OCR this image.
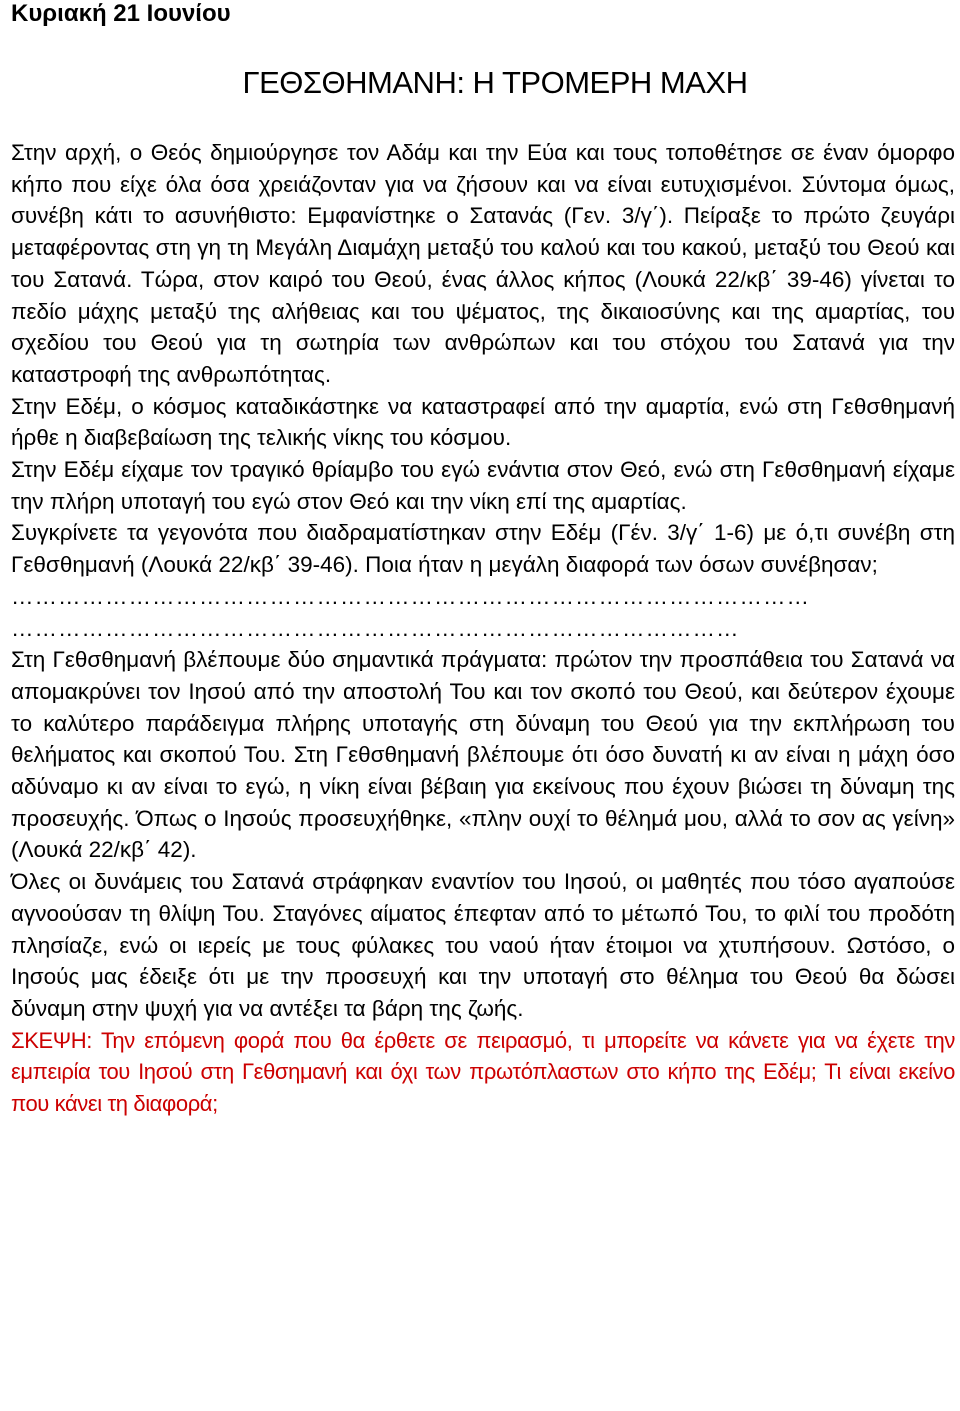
Κυριακή 21 Ιουνίου
ΓΕΘΣΘΗΜΑΝΗ: Η ΤΡΟΜΕΡΗ ΜΑΧΗ

Στην αρχή, ο Θεός δημιούργησε τον Αδάμ και την Εύα και τους τοποθέτησε σε έναν όμορφο κήπο που είχε όλα όσα χρειάζονταν για να ζήσουν και να είναι ευτυχισμένοι. Σύντομα όμως, συνέβη κάτι το ασυνήθιστο: Εμφανίστηκε ο Σατανάς (Γεν. 3/γ΄). Πείραξε το πρώτο ζευγάρι μεταφέροντας στη γη τη Μεγάλη Διαμάχη μεταξύ του καλού και του κακού, μεταξύ του Θεού και του Σατανά. Τώρα, στον καιρό του Θεού, ένας άλλος κήπος (Λουκά 22/κβ΄ 39-46) γίνεται το πεδίο μάχης μεταξύ της αλήθειας και του ψέματος, της δικαιοσύνης και της αμαρτίας, του σχεδίου του Θεού για τη σωτηρία των ανθρώπων και του στόχου του Σατανά για την καταστροφή της ανθρωπότητας.

Στην Εδέμ, ο κόσμος καταδικάστηκε να καταστραφεί από την αμαρτία, ενώ στη Γεθσθημανή ήρθε η διαβεβαίωση της τελικής νίκης του κόσμου.

Στην Εδέμ είχαμε τον τραγικό θρίαμβο του εγώ ενάντια στον Θεό, ενώ στη Γεθσθημανή είχαμε την πλήρη υποταγή του εγώ στον Θεό και την νίκη επί της αμαρτίας.

Συγκρίνετε τα γεγονότα που διαδραματίστηκαν στην Εδέμ (Γέν. 3/γ΄ 1-6) με ό,τι συνέβη στη Γεθσθημανή (Λουκά 22/κβ΄ 39-46). Ποια ήταν η μεγάλη διαφορά των όσων συνέβησαν;

…………………………………………………………………………………………
…………………………………………………………………………………

Στη Γεθσθημανή βλέπουμε δύο σημαντικά πράγματα: πρώτον την προσπάθεια του Σατανά να απομακρύνει τον Ιησού από την αποστολή Του και τον σκοπό του Θεού, και δεύτερον έχουμε το καλύτερο παράδειγμα πλήρης υποταγής στη δύναμη του Θεού για την εκπλήρωση του θελήματος και σκοπού Του. Στη Γεθσθημανή βλέπουμε ότι όσο δυνατή κι αν είναι η μάχη όσο αδύναμο κι αν είναι το εγώ, η νίκη είναι βέβαιη για εκείνους που έχουν βιώσει τη δύναμη της προσευχής. Όπως ο Ιησούς προσευχήθηκε, «πλην ουχί το θέλημά μου, αλλά το σον ας γείνη» (Λουκά 22/κβ΄ 42).

Όλες οι δυνάμεις του Σατανά στράφηκαν εναντίον του Ιησού, οι μαθητές που τόσο αγαπούσε αγνοούσαν τη θλίψη Του. Σταγόνες αίματος έπεφταν από το μέτωπό Του, το φιλί του προδότη πλησίαζε, ενώ οι ιερείς με τους φύλακες του ναού ήταν έτοιμοι να χτυπήσουν. Ωστόσο, ο Ιησούς μας έδειξε ότι με την προσευχή και την υποταγή στο θέλημα του Θεού θα δώσει δύναμη στην ψυχή για να αντέξει τα βάρη της ζωής.

ΣΚΕΨΗ: Την επόμενη φορά που θα έρθετε σε πειρασμό, τι μπορείτε να κάνετε για να έχετε την εμπειρία του Ιησού στη Γεθσημανή και όχι των πρωτόπλαστων στο κήπο της Εδέμ; Τι είναι εκείνο που κάνει τη διαφορά;
